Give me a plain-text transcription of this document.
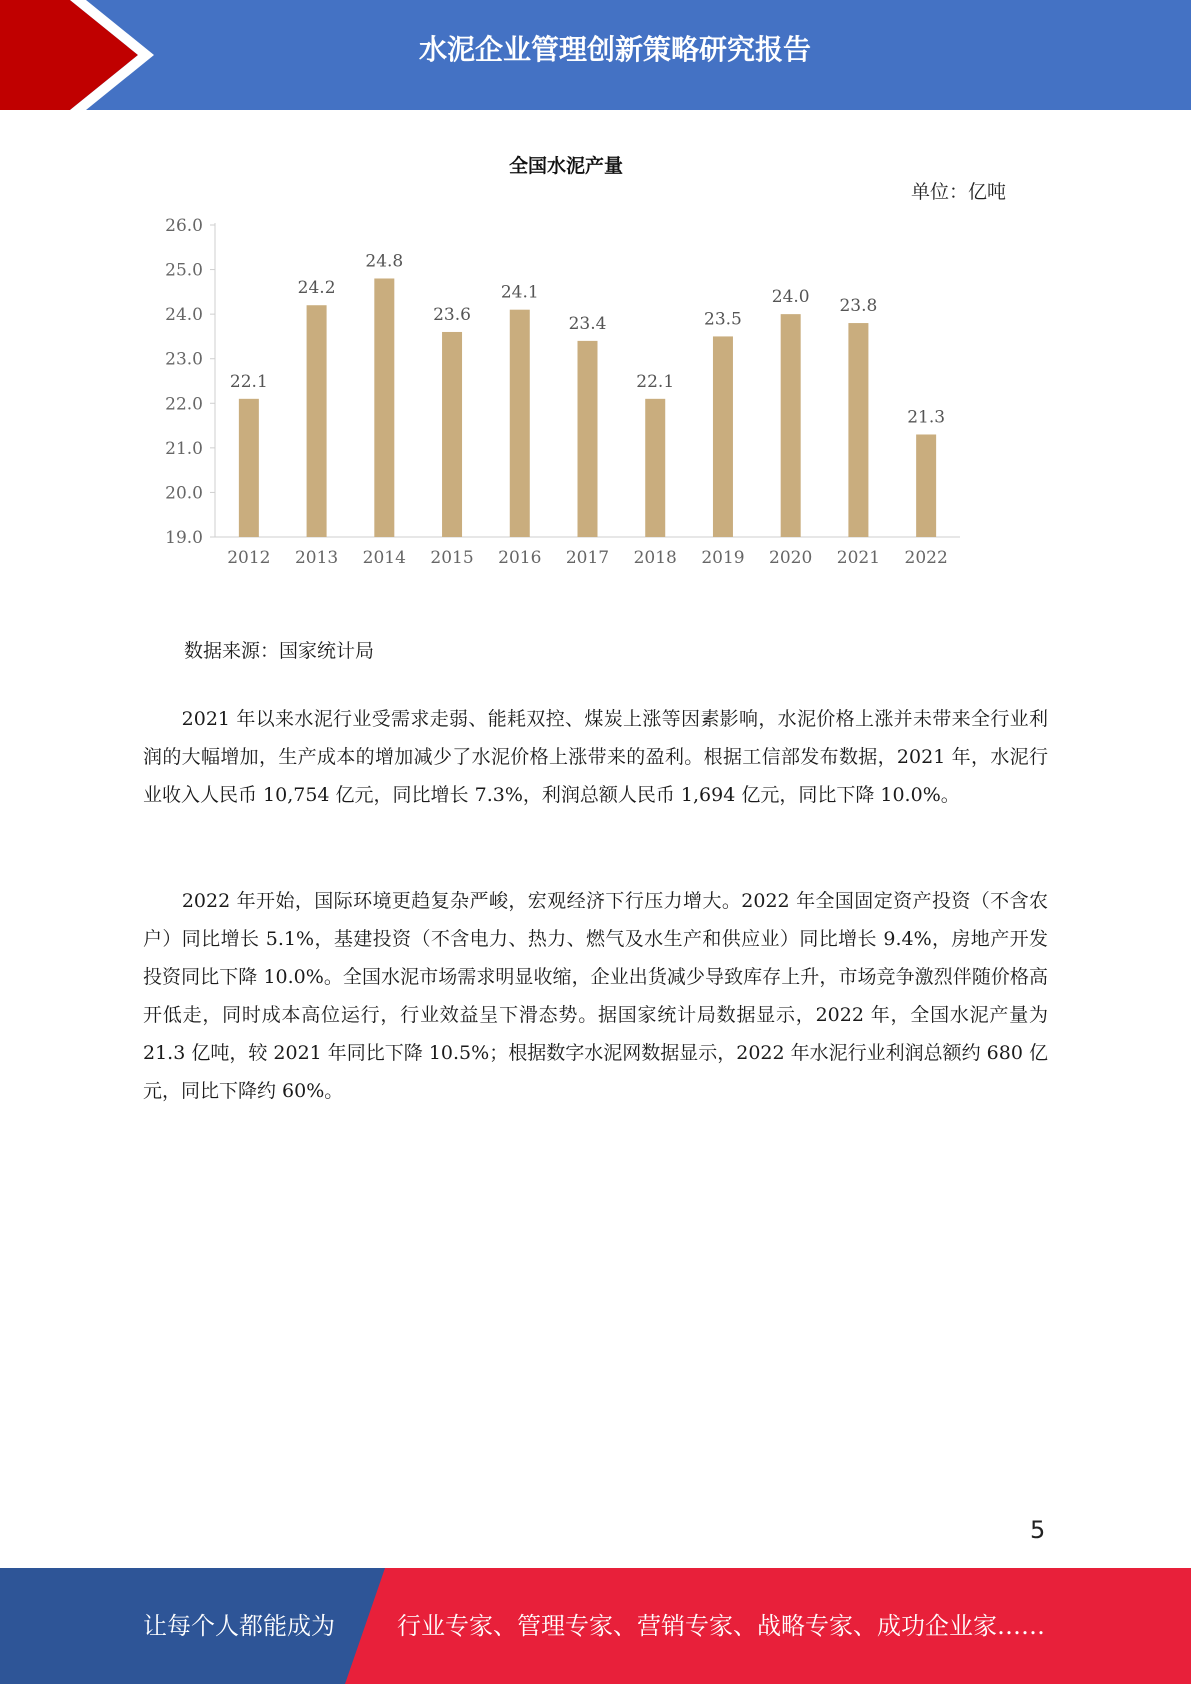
水泥企业管理创新策略研究报告
全国水泥产量
单位：亿吨
19.0
20.0
21.0
22.0
23.0
24.0
25.0
26.0
2012 2013 2014 2015 2016 2017 2018 2019 2020 2021 2022
22.1
24.2
24.8
23.6
24.1
23.4
22.1
23.5
24.0 23.8
21.3

数据来源：国家统计局

　　2021 年以来水泥行业受需求走弱、能耗双控、煤炭上涨等因素影响，水泥价格上涨并未带来全行业利润的大幅增加，生产成本的增加减少了水泥价格上涨带来的盈利。根据工信部发布数据，2021 年，水泥行业收入人民币 10,754 亿元，同比增长 7.3%，利润总额人民币 1,694 亿元，同比下降 10.0%。

　　2022 年开始，国际环境更趋复杂严峻，宏观经济下行压力增大。2022 年全国固定资产投资（不含农户）同比增长 5.1%，基建投资（不含电力、热力、燃气及水生产和供应业）同比增长 9.4%，房地产开发投资同比下降 10.0%。全国水泥市场需求明显收缩，企业出货减少导致库存上升，市场竞争激烈伴随价格高开低走，同时成本高位运行，行业效益呈下滑态势。据国家统计局数据显示，2022 年，全国水泥产量为 21.3 亿吨，较 2021 年同比下降 10.5%；根据数字水泥网数据显示，2022 年水泥行业利润总额约 680 亿元，同比下降约 60%。

5
让每个人都能成为	行业专家、管理专家、营销专家、战略专家、成功企业家……
